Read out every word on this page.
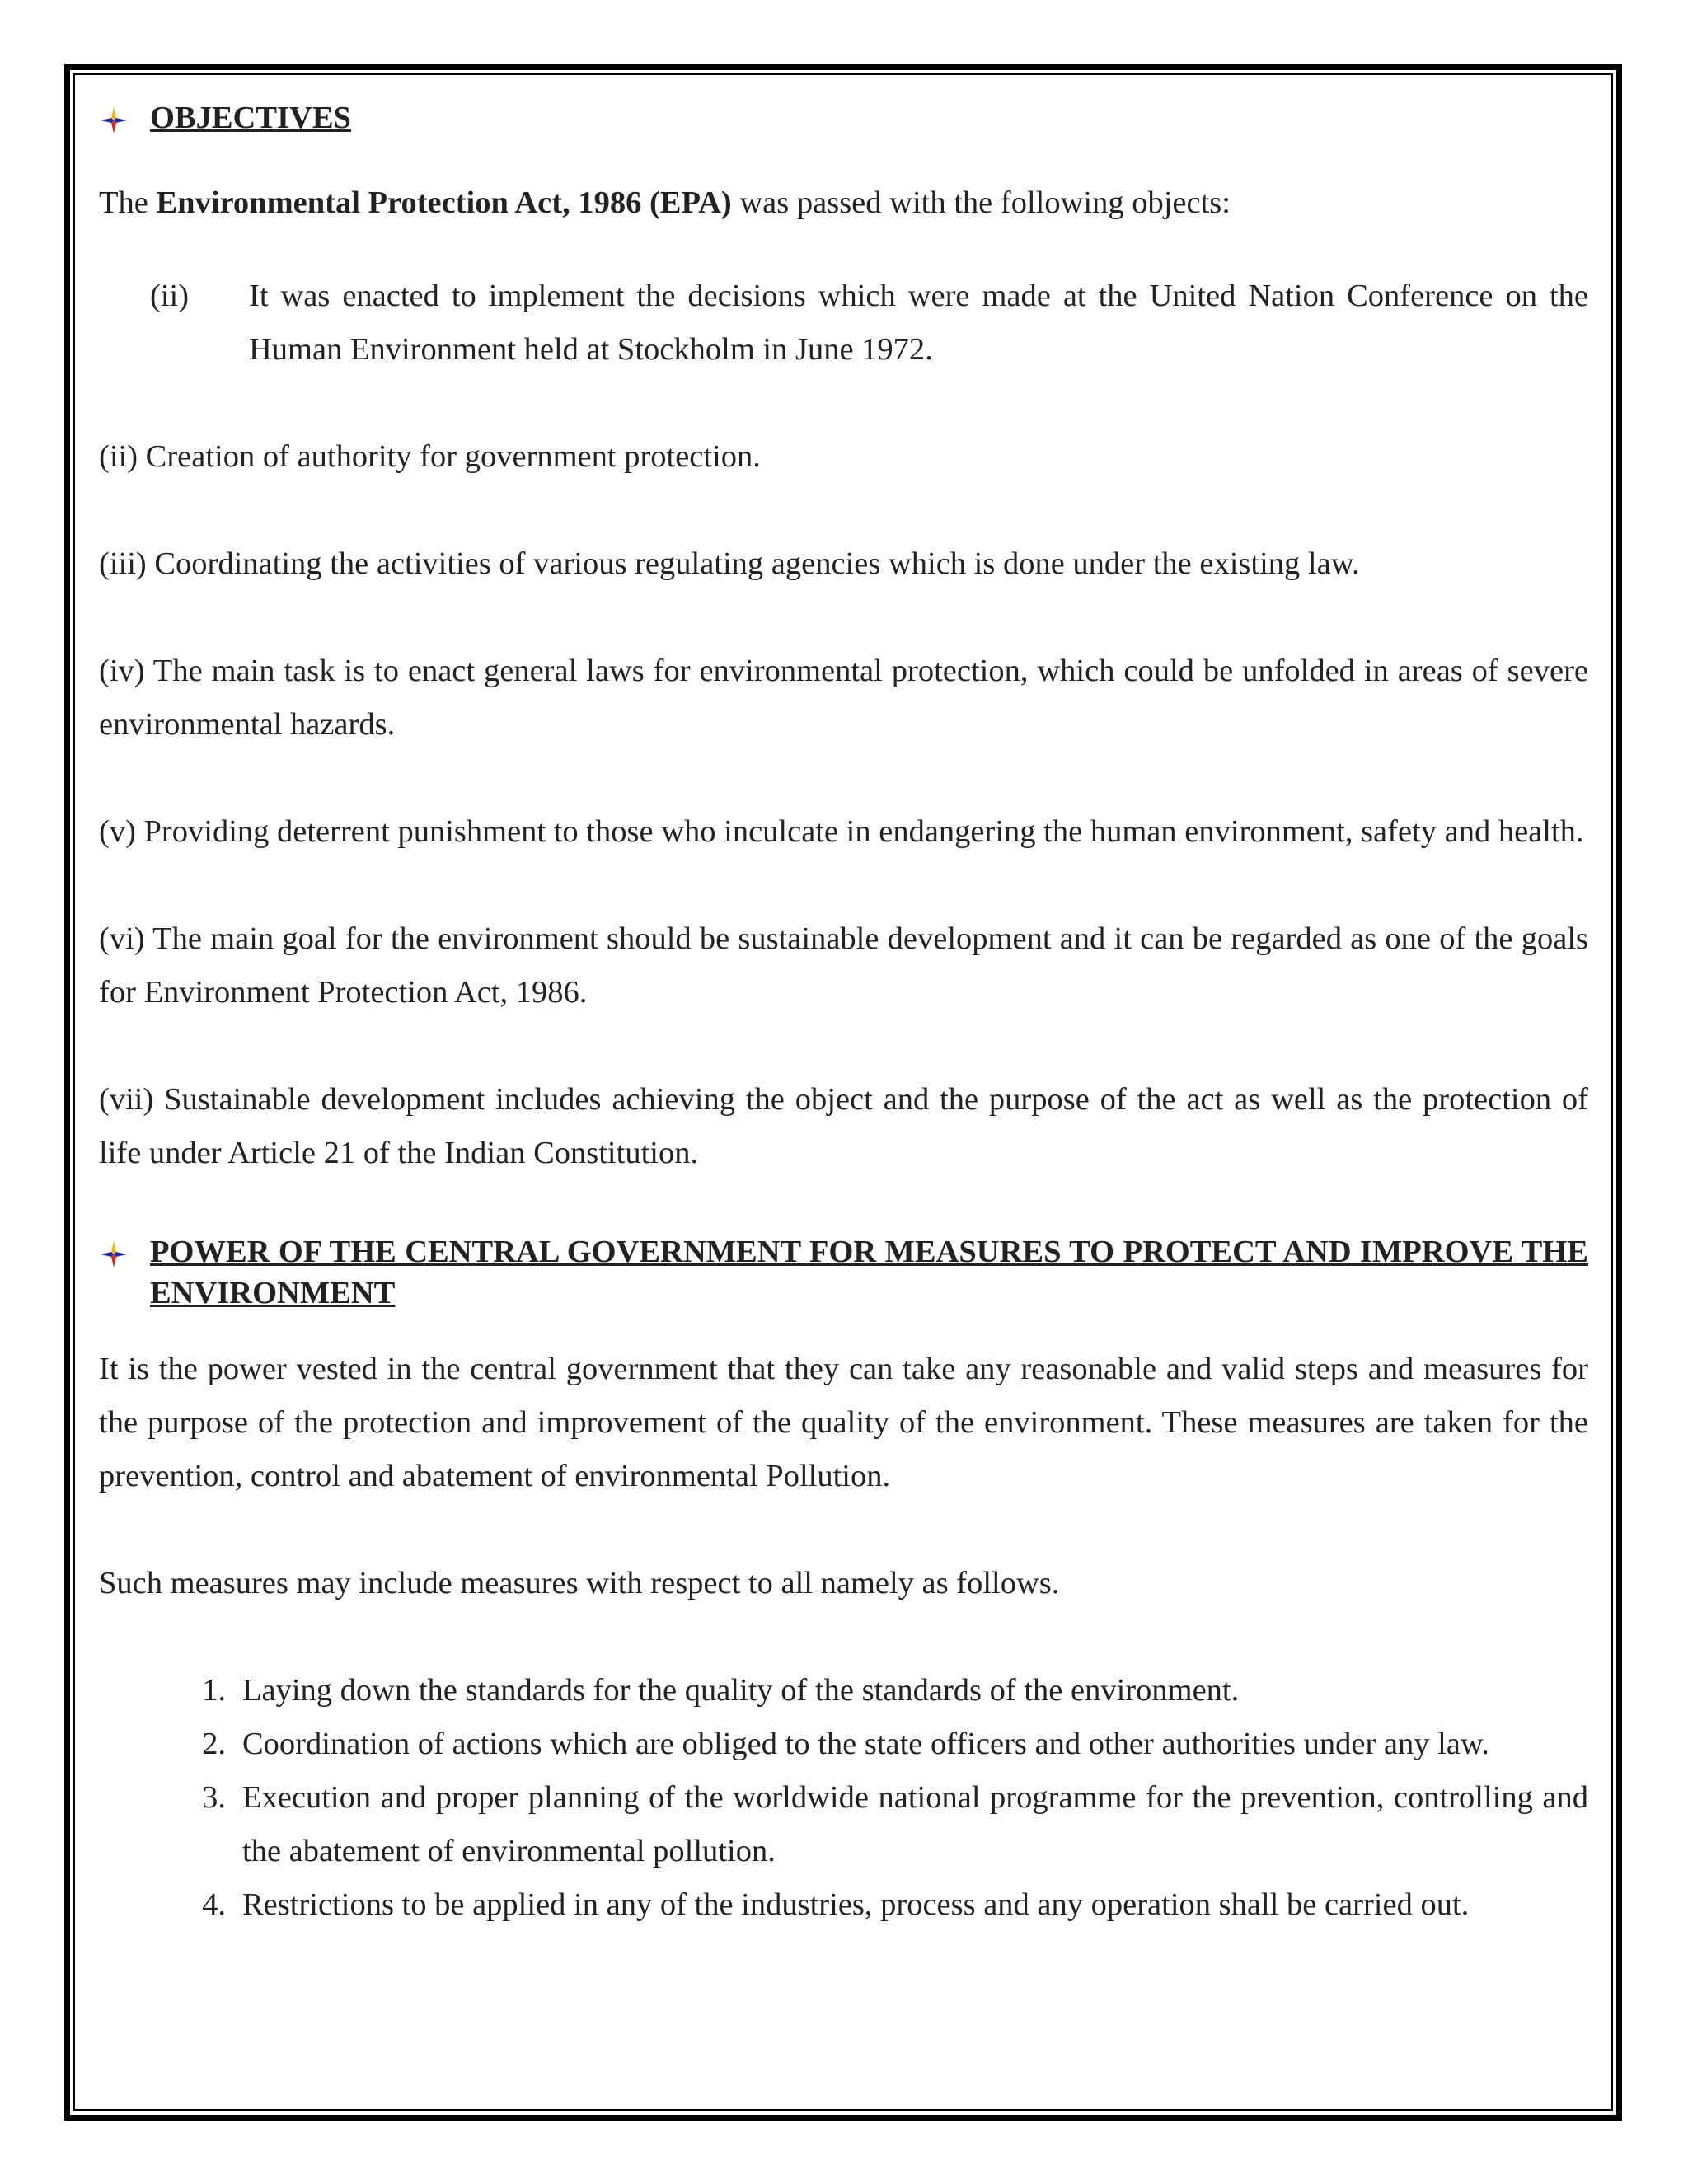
OBJECTIVES

The Environmental Protection Act, 1986 (EPA) was passed with the following objects:

(ii)	It was enacted to implement the decisions which were made at the United Nation Conference on the Human Environment held at Stockholm in June 1972.

(ii) Creation of authority for government protection.

(iii) Coordinating the activities of various regulating agencies which is done under the existing law.

(iv) The main task is to enact general laws for environmental protection, which could be unfolded in areas of severe environmental hazards.

(v) Providing deterrent punishment to those who inculcate in endangering the human environment, safety and health.

(vi) The main goal for the environment should be sustainable development and it can be regarded as one of the goals for Environment Protection Act, 1986.

(vii) Sustainable development includes achieving the object and the purpose of the act as well as the protection of life under Article 21 of the Indian Constitution.

POWER OF THE CENTRAL GOVERNMENT FOR MEASURES TO PROTECT AND IMPROVE THE ENVIRONMENT

It is the power vested in the central government that they can take any reasonable and valid steps and measures for the purpose of the protection and improvement of the quality of the environment. These measures are taken for the prevention, control and abatement of environmental Pollution.

Such measures may include measures with respect to all namely as follows.

1. Laying down the standards for the quality of the standards of the environment.
2. Coordination of actions which are obliged to the state officers and other authorities under any law.
3. Execution and proper planning of the worldwide national programme for the prevention, controlling and the abatement of environmental pollution.
4. Restrictions to be applied in any of the industries, process and any operation shall be carried out.
